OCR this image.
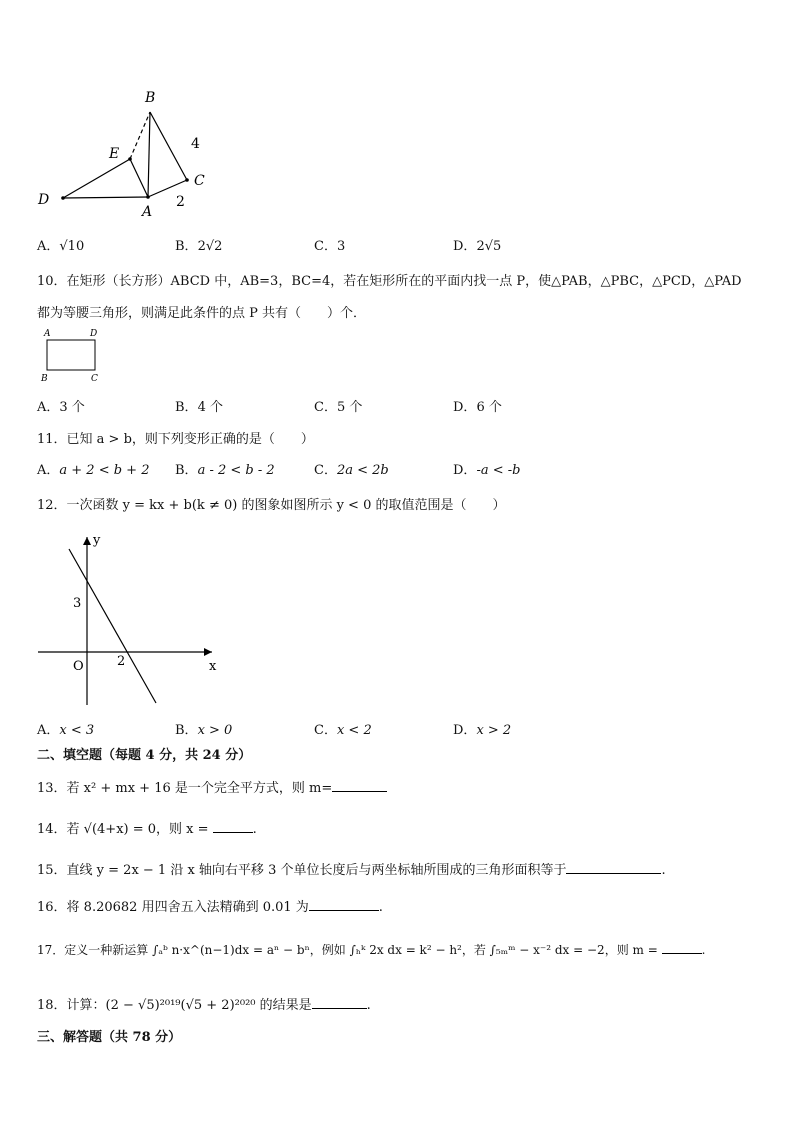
B
E
D
A
C
4
2
A．√10	B．2√2	C．3	D．2√5
10．在矩形（长方形）ABCD 中，AB=3，BC=4，若在矩形所在的平面内找一点 P，使△PAB，△PBC，△PCD，△PAD
都为等腰三角形，则满足此条件的点 P 共有（　　）个．
A	D
B	C
A．3 个	B．4 个	C．5 个	D．6 个
11．已知 a > b，则下列变形正确的是（　　）
A．a + 2 < b + 2 B．a - 2 < b - 2	C．2a < 2b	D．-a < -b
12．一次函数 y = kx + b(k ≠ 0) 的图象如图所示 y < 0 的取值范围是（　　）
y
x
O
3
2
A．x < 3	B．x > 0	C．x < 2	D．x > 2
二、填空题（每题 4 分，共 24 分）
13．若 x² + mx + 16 是一个完全平方式，则 m=
14．若 √(4+x) = 0，则 x =	.
15．直线 y = 2x − 1 沿 x 轴向右平移 3 个单位长度后与两坐标轴所围成的三角形面积等于	.
16．将 8.20682 用四舍五入法精确到 0.01 为	.
17．定义一种新运算 ∫ₐᵇ n·x^(n−1)dx = aⁿ − bⁿ，例如 ∫ₕᵏ 2x dx = k² − h²，若 ∫₅ₘᵐ − x⁻² dx = −2，则 m =	.
18．计算：(2 − √5)²⁰¹⁹(√5 + 2)²⁰²⁰ 的结果是	.
三、解答题（共 78 分）
